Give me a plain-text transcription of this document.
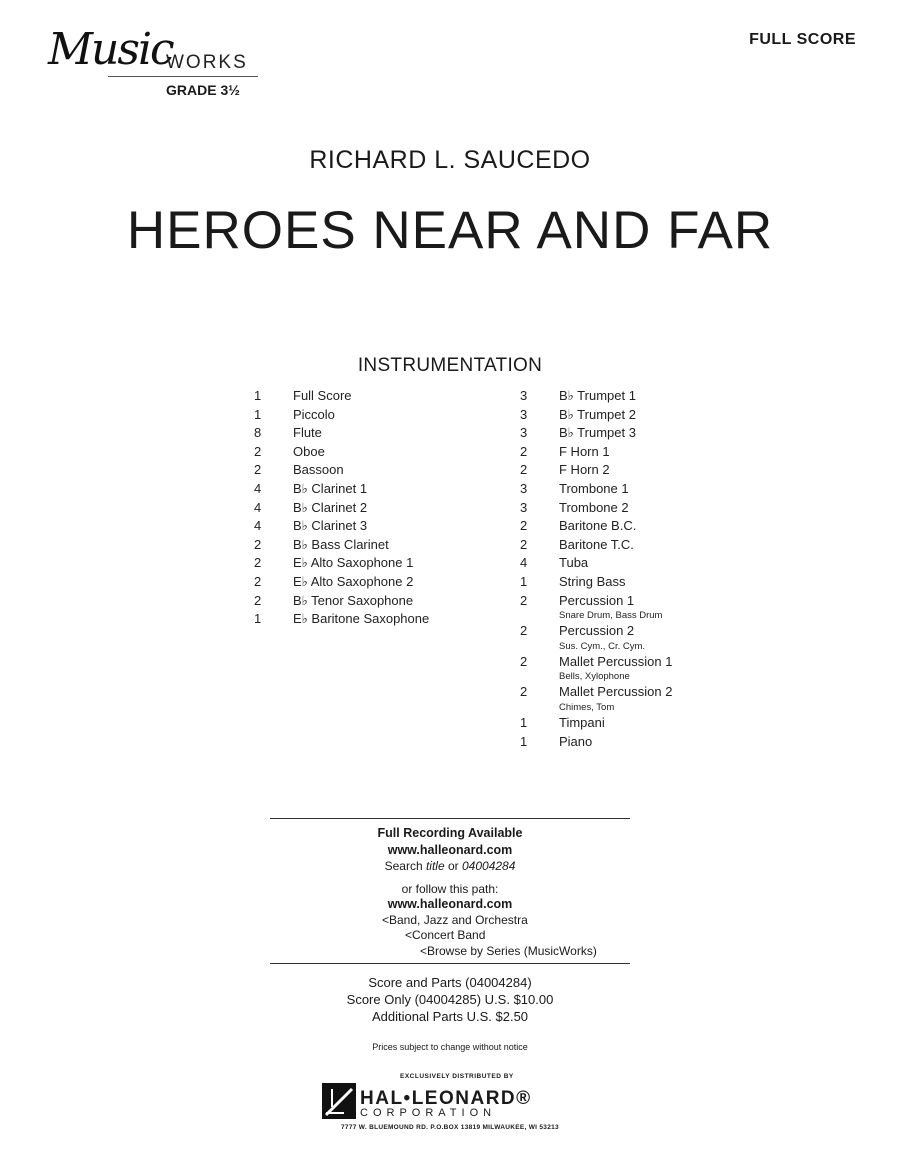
Music
WORKS
GRADE 3½
FULL SCORE
RICHARD L. SAUCEDO
HEROES NEAR AND FAR
INSTRUMENTATION
1	Full Score
1	Piccolo
8	Flute
2	Oboe
2	Bassoon
4	B♭ Clarinet 1
4	B♭ Clarinet 2
4	B♭ Clarinet 3
2	B♭ Bass Clarinet
2	E♭ Alto Saxophone 1
2	E♭ Alto Saxophone 2
2	B♭ Tenor Saxophone
1	E♭ Baritone Saxophone
3	B♭ Trumpet 1
3	B♭ Trumpet 2
3	B♭ Trumpet 3
2	F Horn 1
2	F Horn 2
3	Trombone 1
3	Trombone 2
2	Baritone B.C.
2	Baritone T.C.
4	Tuba
1	String Bass
2	Percussion 1
Snare Drum, Bass Drum
2	Percussion 2
Sus. Cym., Cr. Cym.
2	Mallet Percussion 1
Bells, Xylophone
2	Mallet Percussion 2
Chimes, Tom
1	Timpani
1	Piano
Full Recording Available
www.halleonard.com
Search title or 04004284
or follow this path:
www.halleonard.com
<Band, Jazz and Orchestra
<Concert Band
<Browse by Series (MusicWorks)
Score and Parts (04004284)
Score Only (04004285) U.S. $10.00
Additional Parts U.S. $2.50
Prices subject to change without notice
EXCLUSIVELY DISTRIBUTED BY
HAL•LEONARD®
CORPORATION
7777 W. BLUEMOUND RD. P.O.BOX 13819 MILWAUKEE, WI 53213
